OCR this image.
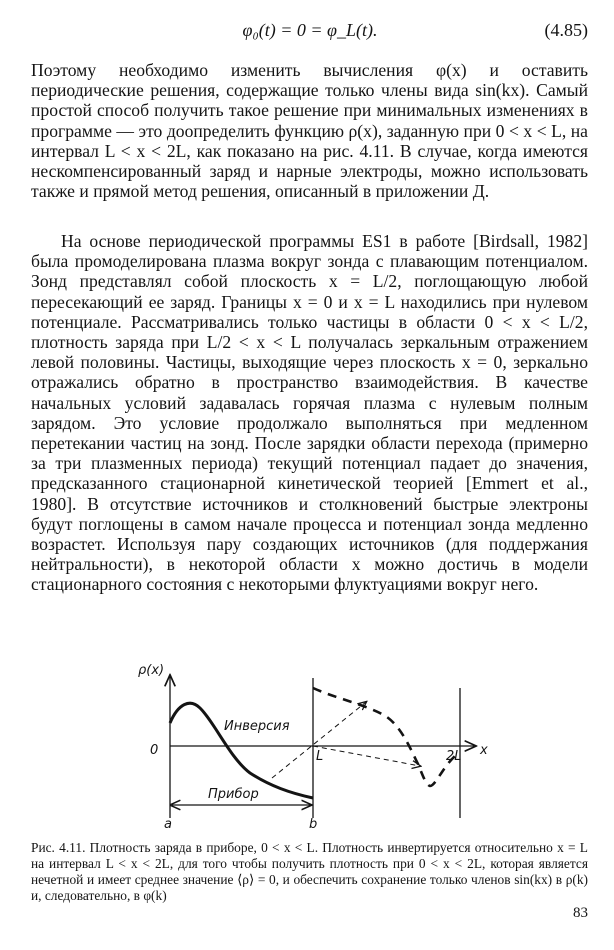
φ₀(t) = 0 = φ_L(t).	(4.85)

Поэтому необходимо изменить вычисления φ(x) и оставить периодические решения, содержащие только члены вида sin(kx). Самый простой способ получить такое решение при минимальных изменениях в программе — это доопределить функцию ρ(x), заданную при 0 < x < L, на интервал L < x < 2L, как показано на рис. 4.11. В случае, когда имеются нескомпенсированный заряд и нарные электроды, можно использовать также и прямой метод решения, описанный в приложении Д.

На основе периодической программы ES1 в работе [Birdsall, 1982] была промоделирована плазма вокруг зонда с плавающим потенциалом. Зонд представлял собой плоскость x = L/2, поглощающую любой пересекающий ее заряд. Границы x = 0 и x = L находились при нулевом потенциале. Рассматривались только частицы в области 0 < x < L/2, плотность заряда при L/2 < x < L получалась зеркальным отражением левой половины. Частицы, выходящие через плоскость x = 0, зеркально отражались обратно в пространство взаимодействия. В качестве начальных условий задавалась горячая плазма с нулевым полным зарядом. Это условие продолжало выполняться при медленном перетекании частиц на зонд. После зарядки области перехода (примерно за три плазменных периода) текущий потенциал падает до значения, предсказанного стационарной кинетической теорией [Emmert et al., 1980]. В отсутствие источников и столкновений быстрые электроны будут поглощены в самом начале процесса и потенциал зонда медленно возрастет. Используя пару создающих источников (для поддержания нейтральности), в некоторой области x можно достичь в модели стационарного состояния с некоторыми флуктуациями вокруг него.

ρ(x)
0	x
L	2L
Инверсия
Прибор
a	b

Рис. 4.11. Плотность заряда в приборе, 0 < x < L. Плотность инвертируется относительно x = L на интервал L < x < 2L, для того чтобы получить плотность при 0 < x < 2L, которая является нечетной и имеет среднее значение ⟨ρ⟩ = 0, и обеспечить сохранение только членов sin(kx) в ρ(k) и, следовательно, в φ(k)

83
